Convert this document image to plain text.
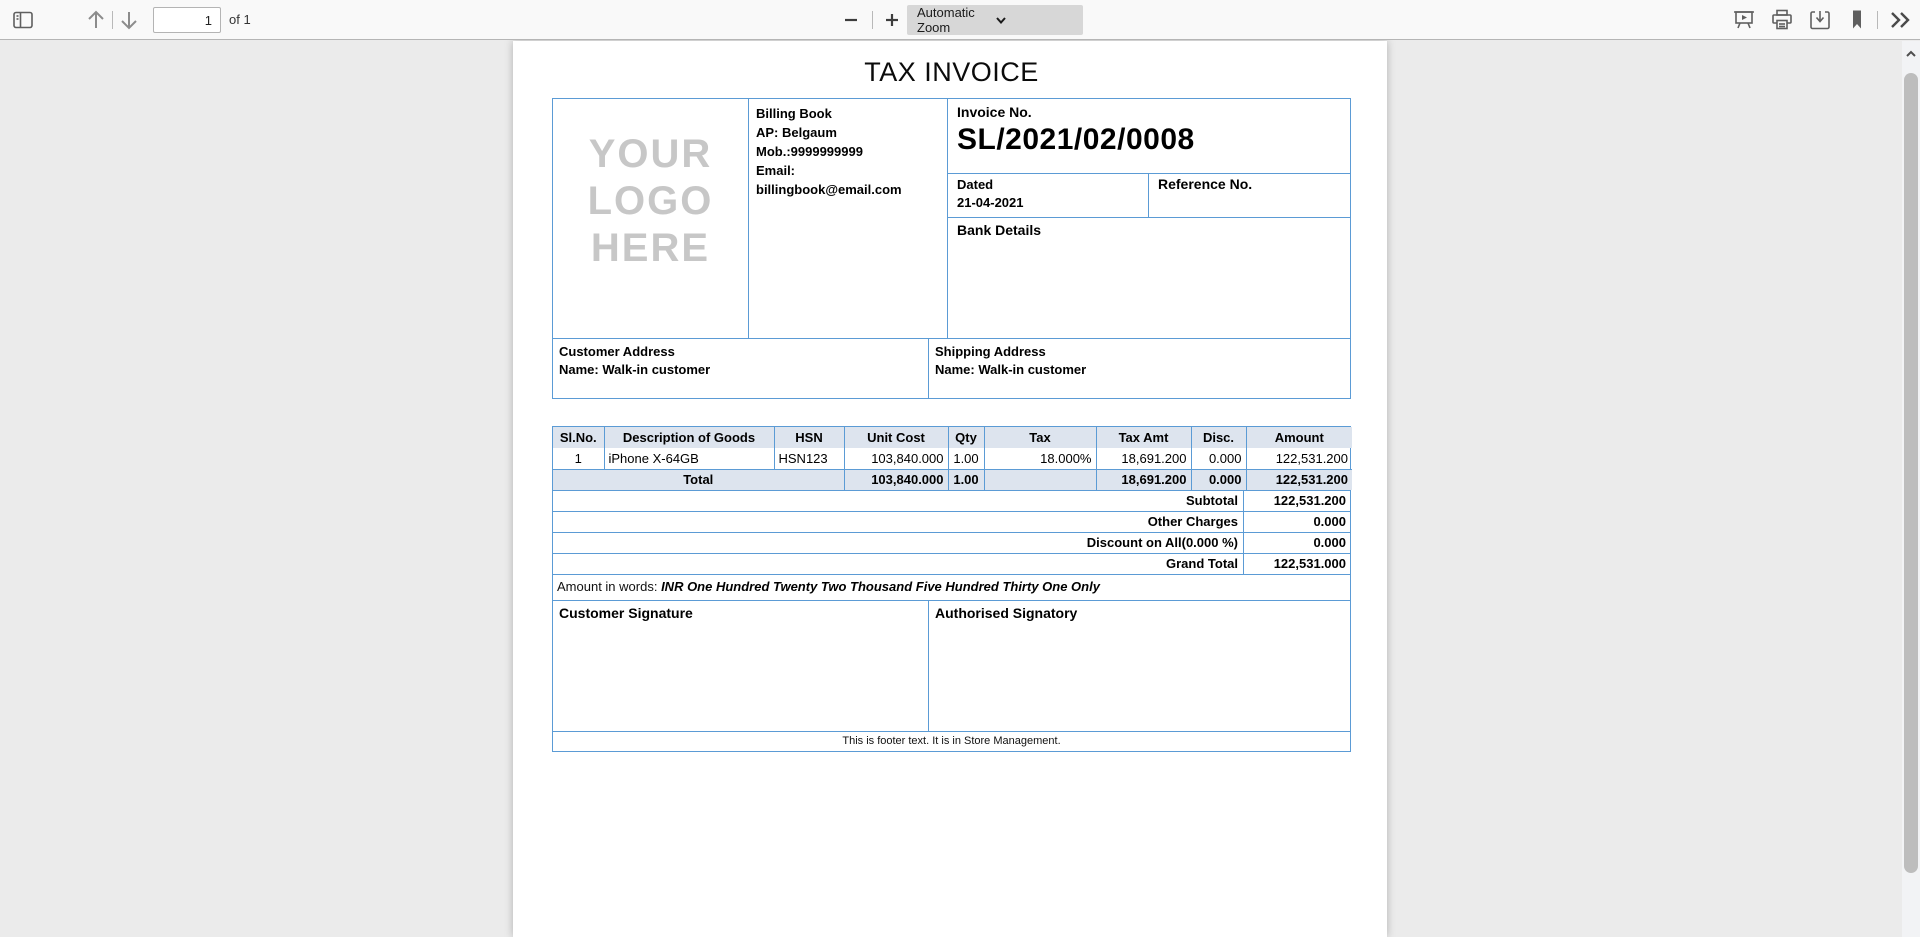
1
of 1	Automatic Zoom
TAX INVOICE
YOUR
LOGO
HERE
Billing Book
AP: Belgaum
Mob.:9999999999
Email:
billingbook@email.com
Invoice No.
SL/2021/02/0008
Dated
21-04-2021
Reference No.
Bank Details
Customer Address
Name: Walk-in customer
Shipping Address
Name: Walk-in customer
Sl.No.	Description of Goods	HSN	Unit Cost	Qty	Tax	Tax Amt	Disc.	Amount
1	iPhone X-64GB	HSN123	103,840.000	1.00	18.000%	18,691.200	0.000	122,531.200
Total			103,840.000	1.00		18,691.200	0.000	122,531.200
Subtotal	122,531.200
Other Charges	0.000
Discount on All(0.000 %)	0.000
Grand Total	122,531.000
Amount in words: INR One Hundred Twenty Two Thousand Five Hundred Thirty One Only
Customer Signature	Authorised Signatory
This is footer text. It is in Store Management.
